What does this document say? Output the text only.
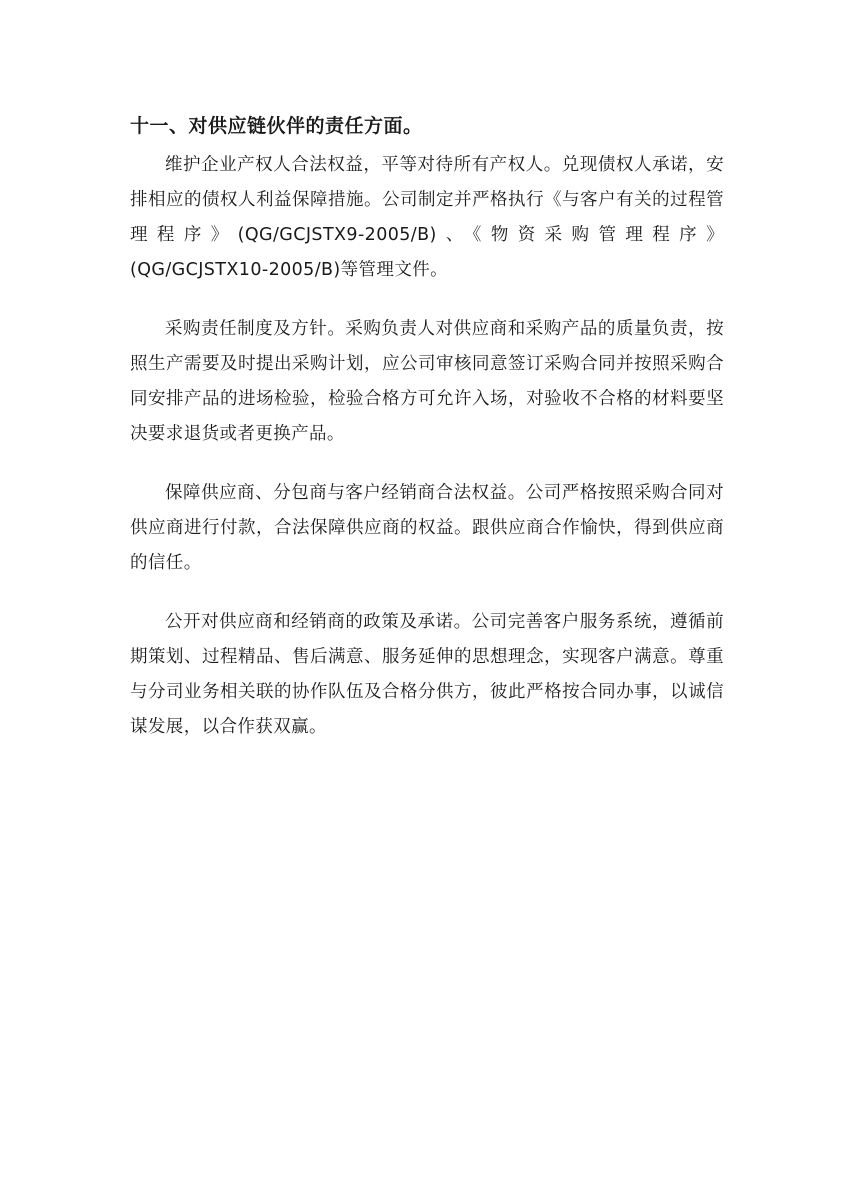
十一、对供应链伙伴的责任方面。

维护企业产权人合法权益，平等对待所有产权人。兑现债权人承诺，安排相应的债权人利益保障措施。公司制定并严格执行《与客户有关的过程管理程序》(QG/GCJSTX9-2005/B)、《物资采购管理程序》(QG/GCJSTX10-2005/B)等管理文件。

采购责任制度及方针。采购负责人对供应商和采购产品的质量负责，按照生产需要及时提出采购计划，应公司审核同意签订采购合同并按照采购合同安排产品的进场检验，检验合格方可允许入场，对验收不合格的材料要坚决要求退货或者更换产品。

保障供应商、分包商与客户经销商合法权益。公司严格按照采购合同对供应商进行付款，合法保障供应商的权益。跟供应商合作愉快，得到供应商的信任。

公开对供应商和经销商的政策及承诺。公司完善客户服务系统，遵循前期策划、过程精品、售后满意、服务延伸的思想理念，实现客户满意。尊重与分司业务相关联的协作队伍及合格分供方，彼此严格按合同办事，以诚信谋发展，以合作获双赢。
